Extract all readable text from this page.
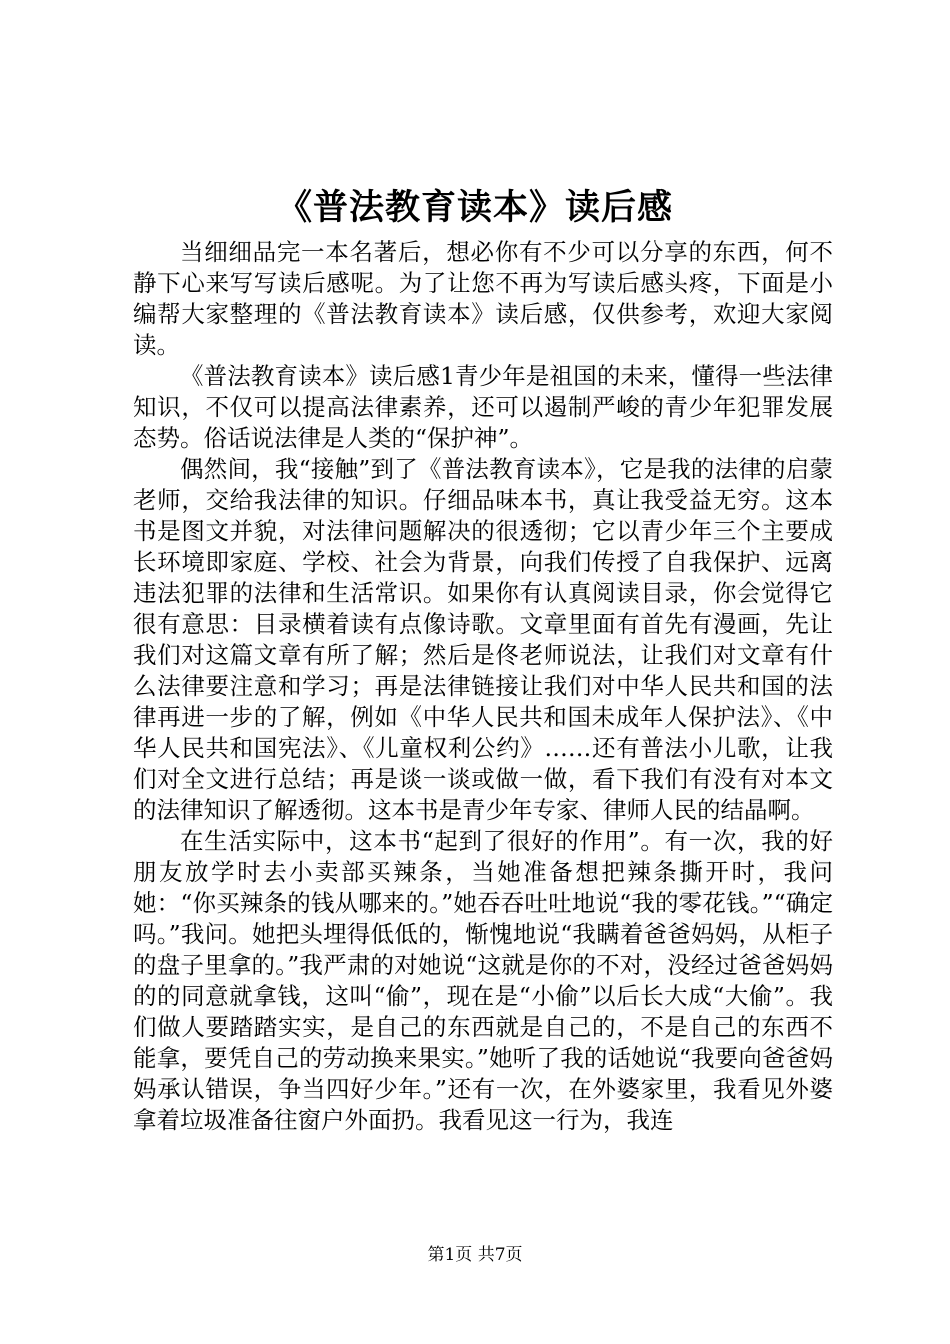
《普法教育读本》读后感

当细细品完一本名著后，想必你有不少可以分享的东西，何不静下心来写写读后感呢。为了让您不再为写读后感头疼，下面是小编帮大家整理的《普法教育读本》读后感，仅供参考，欢迎大家阅读。

《普法教育读本》读后感1青少年是祖国的未来，懂得一些法律知识，不仅可以提高法律素养，还可以遏制严峻的青少年犯罪发展态势。俗话说法律是人类的“保护神”。

偶然间，我“接触”到了《普法教育读本》，它是我的法律的启蒙老师，交给我法律的知识。仔细品味本书，真让我受益无穷。这本书是图文并貌，对法律问题解决的很透彻；它以青少年三个主要成长环境即家庭、学校、社会为背景，向我们传授了自我保护、远离违法犯罪的法律和生活常识。如果你有认真阅读目录，你会觉得它很有意思：目录横着读有点像诗歌。文章里面有首先有漫画，先让我们对这篇文章有所了解；然后是佟老师说法，让我们对文章有什么法律要注意和学习；再是法律链接让我们对中华人民共和国的法律再进一步的了解，例如《中华人民共和国未成年人保护法》、《中华人民共和国宪法》、《儿童权利公约》……还有普法小儿歌，让我们对全文进行总结；再是谈一谈或做一做，看下我们有没有对本文的法律知识了解透彻。这本书是青少年专家、律师人民的结晶啊。

在生活实际中，这本书“起到了很好的作用”。有一次，我的好朋友放学时去小卖部买辣条，当她准备想把辣条撕开时，我问她：“你买辣条的钱从哪来的。”她吞吞吐吐地说“我的零花钱。”“确定吗。”我问。她把头埋得低低的，惭愧地说“我瞒着爸爸妈妈，从柜子的盘子里拿的。”我严肃的对她说“这就是你的不对，没经过爸爸妈妈的的同意就拿钱，这叫“偷”，现在是“小偷”以后长大成“大偷”。我们做人要踏踏实实，是自己的东西就是自己的，不是自己的东西不能拿，要凭自己的劳动换来果实。”她听了我的话她说“我要向爸爸妈妈承认错误，争当四好少年。”还有一次，在外婆家里，我看见外婆拿着垃圾准备往窗户外面扔。我看见这一行为，我连

第1页 共7页
